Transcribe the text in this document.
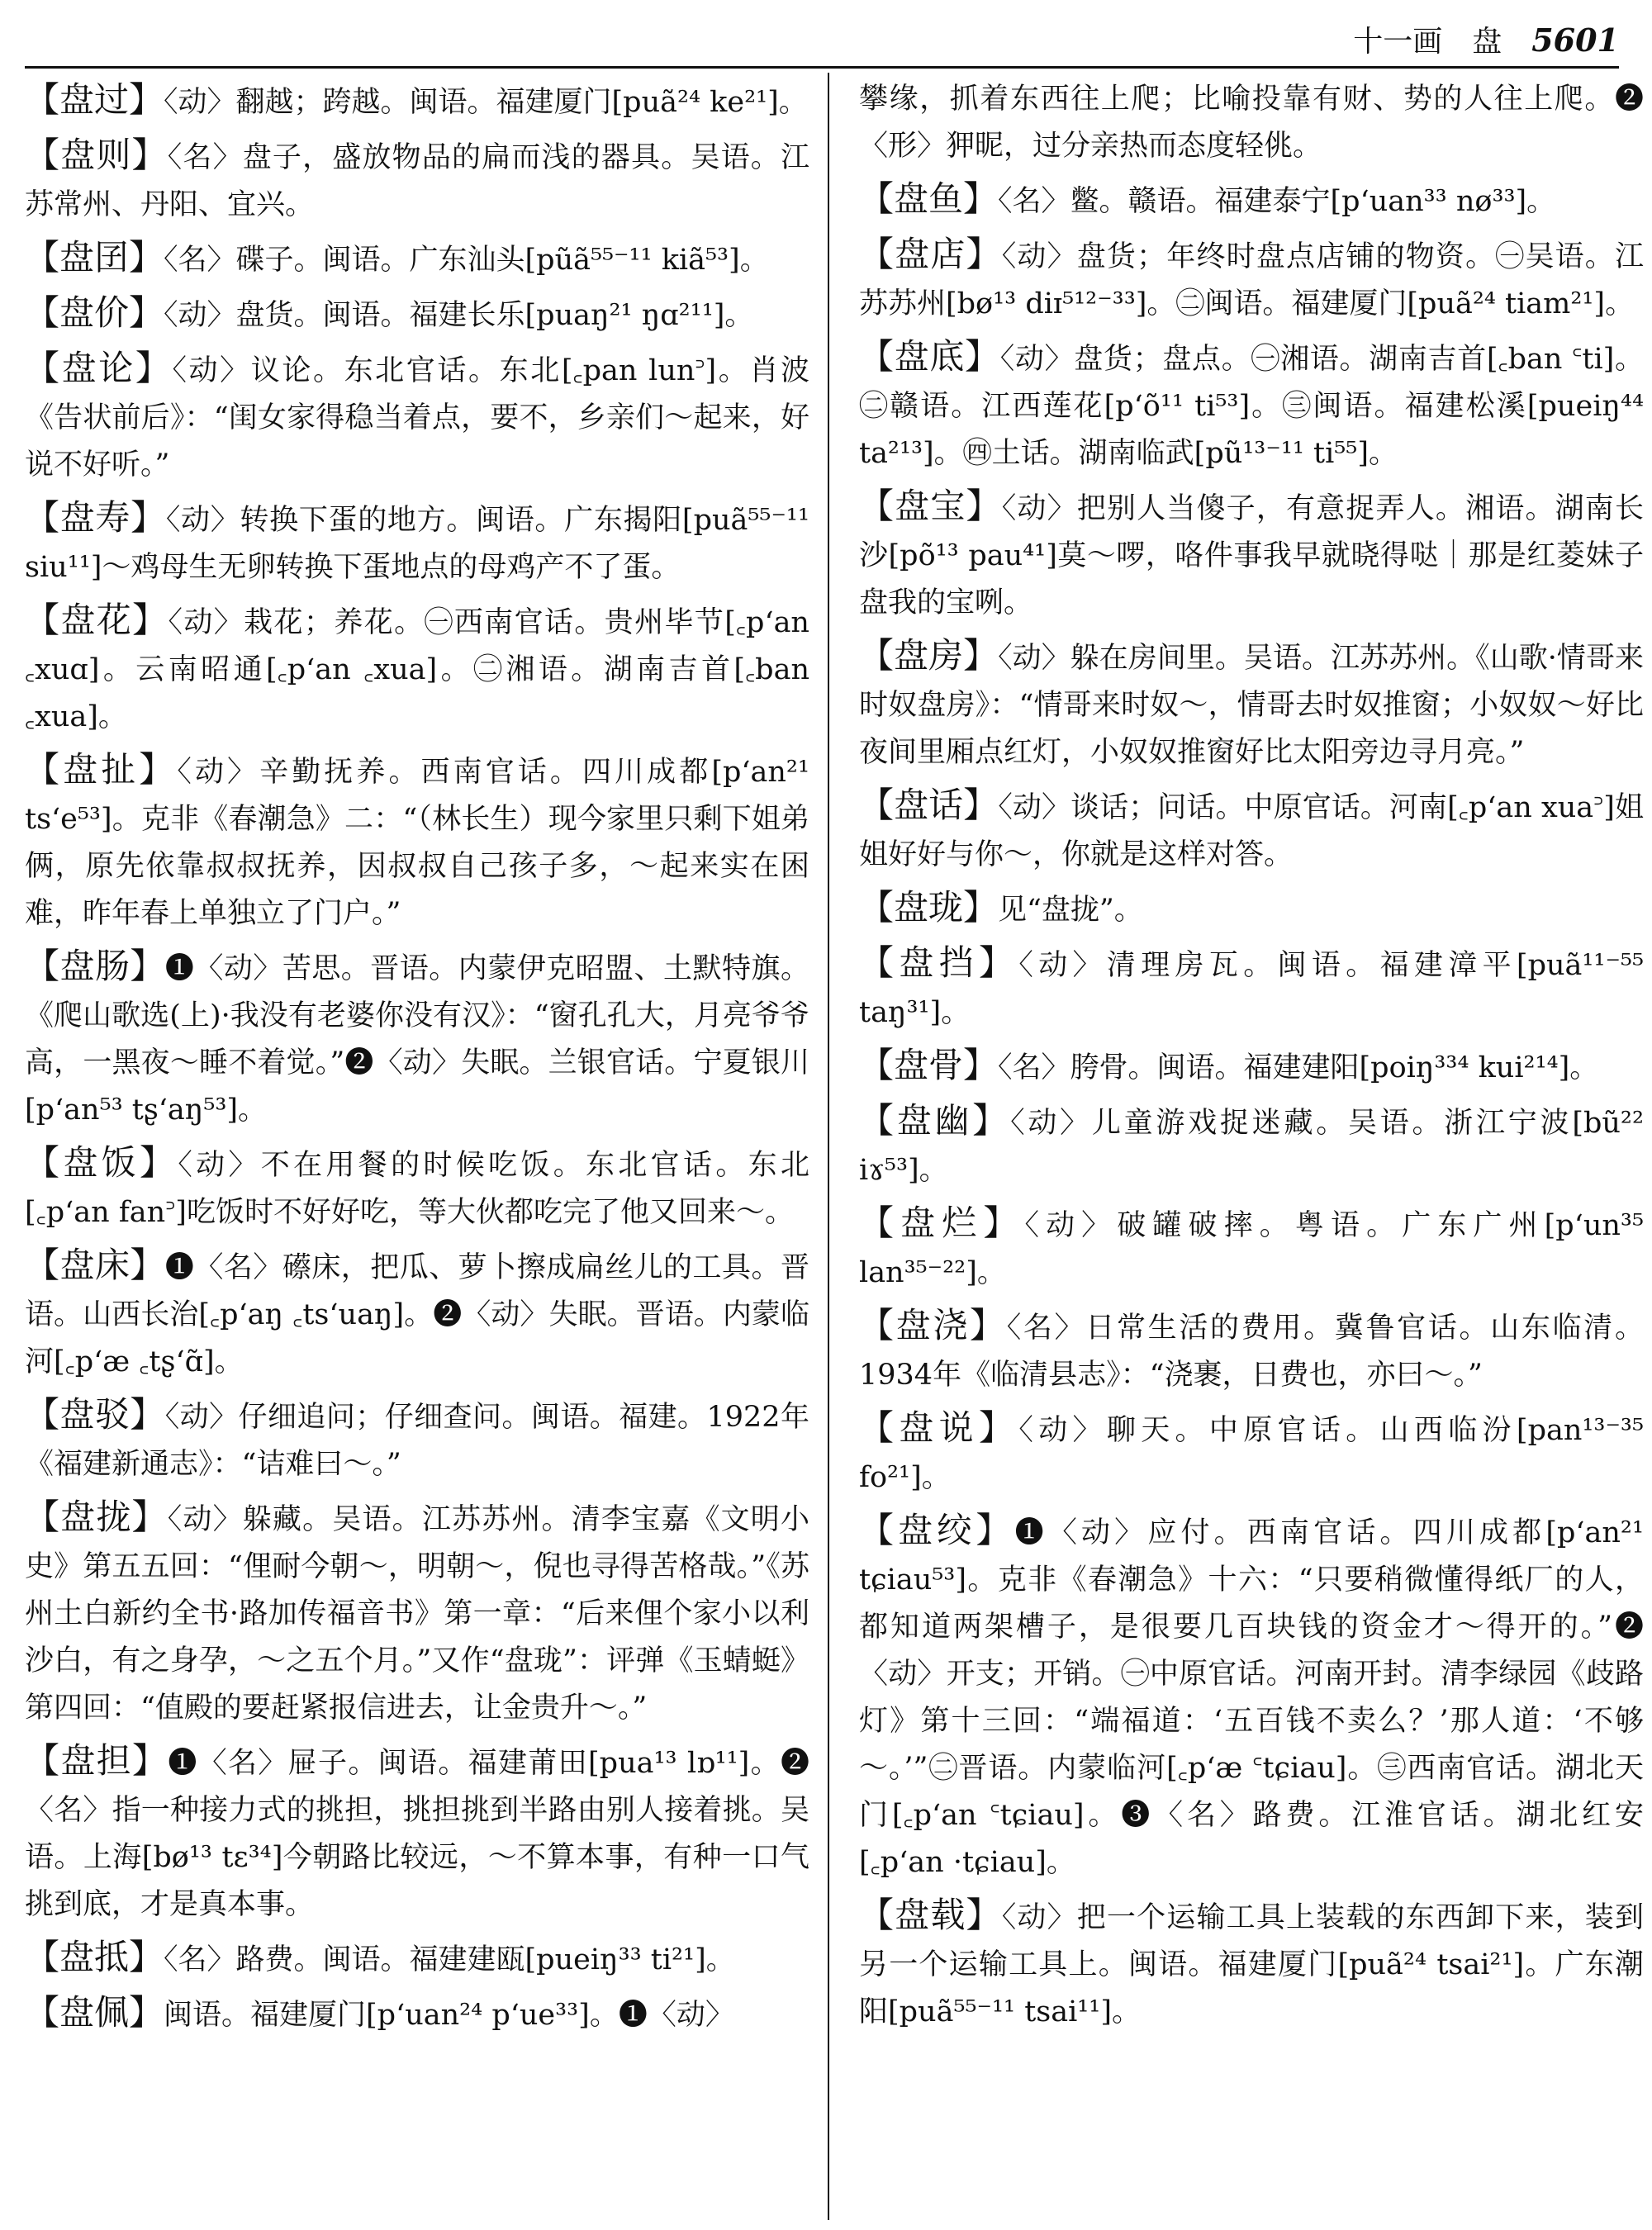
十一画 盘 5601

【盘过】〈动〉翻越；跨越。闽语。福建厦门[puã²⁴ ke²¹]。

【盘则】〈名〉盘子，盛放物品的扁而浅的器具。吴语。江苏常州、丹阳、宜兴。

【盘囝】〈名〉碟子。闽语。广东汕头[pũã⁵⁵⁻¹¹ kiã⁵³]。

【盘价】〈动〉盘货。闽语。福建长乐[puaŋ²¹ ŋɑ²¹¹]。

【盘论】〈动〉议论。东北官话。东北[꜀pan lun꜄]。肖波《告状前后》：“闺女家得稳当着点，要不，乡亲们～起来，好说不好听。”

【盘寿】〈动〉转换下蛋的地方。闽语。广东揭阳[puã⁵⁵⁻¹¹ siu¹¹]～鸡母生无卵转换下蛋地点的母鸡产不了蛋。

【盘花】〈动〉栽花；养花。㊀西南官话。贵州毕节[꜀p‘an ꜀xuɑ]。云南昭通[꜀p‘an ꜀xua]。㊁湘语。湖南吉首[꜀ban ꜀xua]。

【盘扯】〈动〉辛勤抚养。西南官话。四川成都[p‘an²¹ ts‘e⁵³]。克非《春潮急》二：“（林长生）现今家里只剩下姐弟俩，原先依靠叔叔抚养，因叔叔自己孩子多，～起来实在困难，昨年春上单独立了门户。”

【盘肠】❶〈动〉苦思。晋语。内蒙伊克昭盟、土默特旗。《爬山歌选(上)·我没有老婆你没有汉》：“窗孔孔大，月亮爷爷高，一黑夜～睡不着觉。”❷〈动〉失眠。兰银官话。宁夏银川[p‘an⁵³ tʂ‘aŋ⁵³]。

【盘饭】〈动〉不在用餐的时候吃饭。东北官话。东北[꜀p‘an fan꜄]吃饭时不好好吃，等大伙都吃完了他又回来～。

【盘床】❶〈名〉礤床，把瓜、萝卜擦成扁丝儿的工具。晋语。山西长治[꜀p‘aŋ ꜀ts‘uaŋ]。❷〈动〉失眠。晋语。内蒙临河[꜀p‘æ ꜀tʂ‘ɑ̃]。

【盘驳】〈动〉仔细追问；仔细查问。闽语。福建。1922年《福建新通志》：“诘难曰～。”

【盘拢】〈动〉躲藏。吴语。江苏苏州。清李宝嘉《文明小史》第五五回：“俚耐今朝～，明朝～，倪也寻得苦格哉。”《苏州土白新约全书·路加传福音书》第一章：“后来俚个家小以利沙白，有之身孕，～之五个月。”又作“盘珑”：评弹《玉蜻蜓》第四回：“值殿的要赶紧报信进去，让金贵升～。”

【盘担】❶〈名〉屉子。闽语。福建莆田[pua¹³ lɒ¹¹]。❷〈名〉指一种接力式的挑担，挑担挑到半路由别人接着挑。吴语。上海[bø¹³ tɛ³⁴]今朝路比较远，～不算本事，有种一口气挑到底，才是真本事。

【盘抵】〈名〉路费。闽语。福建建瓯[pueiŋ³³ ti²¹]。

【盘佩】闽语。福建厦门[p‘uan²⁴ p‘ue³³]。❶〈动〉

攀缘，抓着东西往上爬；比喻投靠有财、势的人往上爬。❷〈形〉狎昵，过分亲热而态度轻佻。

【盘鱼】〈名〉鳖。赣语。福建泰宁[p‘uan³³ nø³³]。

【盘店】〈动〉盘货；年终时盘点店铺的物资。㊀吴语。江苏苏州[bø¹³ diɪ⁵¹²⁻³³]。㊁闽语。福建厦门[puã²⁴ tiam²¹]。

【盘底】〈动〉盘货；盘点。㊀湘语。湖南吉首[꜀ban ꜂ti]。㊁赣语。江西莲花[p‘õ¹¹ ti⁵³]。㊂闽语。福建松溪[pueiŋ⁴⁴ ta²¹³]。㊃土话。湖南临武[pũ¹³⁻¹¹ ti⁵⁵]。

【盘宝】〈动〉把别人当傻子，有意捉弄人。湘语。湖南长沙[põ¹³ pau⁴¹]莫～啰，咯件事我早就晓得哒｜那是红菱妹子盘我的宝咧。

【盘房】〈动〉躲在房间里。吴语。江苏苏州。《山歌·情哥来时奴盘房》：“情哥来时奴～，情哥去时奴推窗；小奴奴～好比夜间里厢点红灯，小奴奴推窗好比太阳旁边寻月亮。”

【盘话】〈动〉谈话；问话。中原官话。河南[꜀p‘an xua꜄]姐姐好好与你～，你就是这样对答。

【盘珑】见“盘拢”。

【盘挡】〈动〉清理房瓦。闽语。福建漳平[puã¹¹⁻⁵⁵ taŋ³¹]。

【盘骨】〈名〉胯骨。闽语。福建建阳[poiŋ³³⁴ kui²¹⁴]。

【盘幽】〈动〉儿童游戏捉迷藏。吴语。浙江宁波[bũ²² iɤ⁵³]。

【盘烂】〈动〉破罐破摔。粤语。广东广州[p‘un³⁵ lan³⁵⁻²²]。

【盘浇】〈名〉日常生活的费用。冀鲁官话。山东临清。1934年《临清县志》：“浇裹，日费也，亦曰～。”

【盘说】〈动〉聊天。中原官话。山西临汾[pan¹³⁻³⁵ fo²¹]。

【盘绞】❶〈动〉应付。西南官话。四川成都[p‘an²¹ tɕiau⁵³]。克非《春潮急》十六：“只要稍微懂得纸厂的人，都知道两架槽子，是很要几百块钱的资金才～得开的。”❷〈动〉开支；开销。㊀中原官话。河南开封。清李绿园《歧路灯》第十三回：“端福道：‘五百钱不卖么？’那人道：‘不够～。’”㊁晋语。内蒙临河[꜀p‘æ ꜂tɕiau]。㊂西南官话。湖北天门[꜀p‘an ꜂tɕiau]。❸〈名〉路费。江淮官话。湖北红安[꜀p‘an ·tɕiau]。

【盘载】〈动〉把一个运输工具上装载的东西卸下来，装到另一个运输工具上。闽语。福建厦门[puã²⁴ tsai²¹]。广东潮阳[puã⁵⁵⁻¹¹ tsai¹¹]。
